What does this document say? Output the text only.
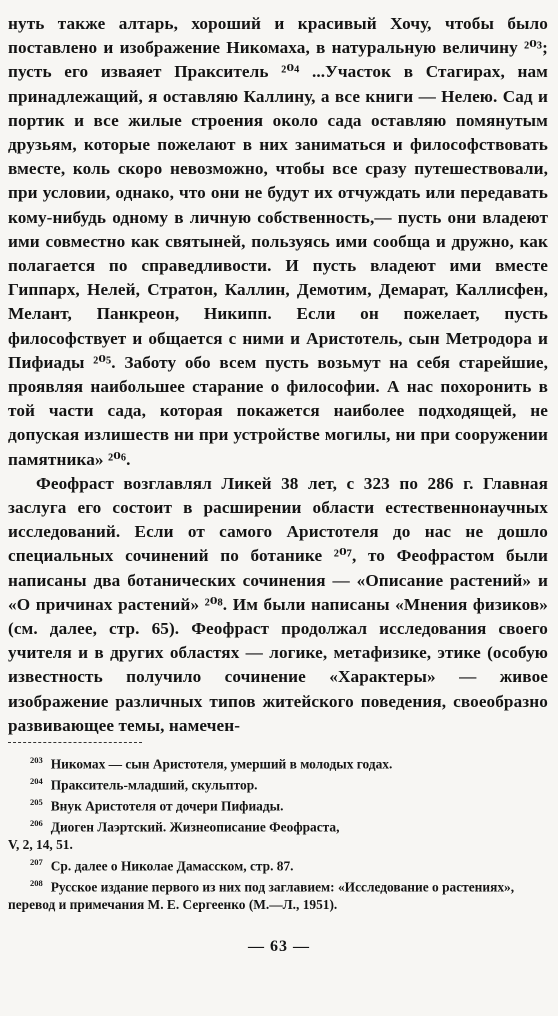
нуть также алтарь, хороший и красивый Хочу, чтобы было поставлено и изображение Никомаха, в натуральную величину ²⁰³; пусть его изваяет Пракситель ²⁰⁴ ...Участок в Стагирах, нам принадлежащий, я оставляю Каллину, а все книги — Нелею. Сад и портик и все жилые строения около сада оставляю помянутым друзьям, которые пожелают в них заниматься и философствовать вместе, коль скоро невозможно, чтобы все сразу путешествовали, при условии, однако, что они не будут их отчуждать или передавать кому-нибудь одному в личную собственность,— пусть они владеют ими совместно как святыней, пользуясь ими сообща и дружно, как полагается по справедливости. И пусть владеют ими вместе Гиппарх, Нелей, Стратон, Каллин, Демотим, Демарат, Каллисфен, Мелант, Панкреон, Никипп. Если он пожелает, пусть философствует и общается с ними и Аристотель, сын Метродора и Пифиады ²⁰⁵. Заботу обо всем пусть возьмут на себя старейшие, проявляя наибольшее старание о философии. А нас похоронить в той части сада, которая покажется наиболее подходящей, не допуская излишеств ни при устройстве могилы, ни при сооружении памятника» ²⁰⁶.

Феофраст возглавлял Ликей 38 лет, с 323 по 286 г. Главная заслуга его состоит в расширении области естественнонаучных исследований. Если от самого Аристотеля до нас не дошло специальных сочинений по ботанике ²⁰⁷, то Феофрастом были написаны два ботанических сочинения — «Описание растений» и «О причинах растений» ²⁰⁸. Им были написаны «Мнения физиков» (см. далее, стр. 65). Феофраст продолжал исследования своего учителя и в других областях — логике, метафизике, этике (особую известность получило сочинение «Характеры» — живое изображение различных типов житейского поведения, своеобразно развивающее темы, намечен-

$^{203}$ Никомах — сын Аристотеля, умерший в молодых годах.
$^{204}$ Пракситель-младший, скульптор.
$^{205}$ Внук Аристотеля от дочери Пифиады.
$^{206}$ Диоген Лаэртский. Жизнеописание Феофраста,
V, 2, 14, 51.
$^{207}$ Ср. далее о Николае Дамасском, стр. 87.
$^{208}$ Русское издание первого из них под заглавием: «Исследование о растениях», перевод и примечания М. Е. Сергеенко (М.—Л., 1951).
— 63 —
